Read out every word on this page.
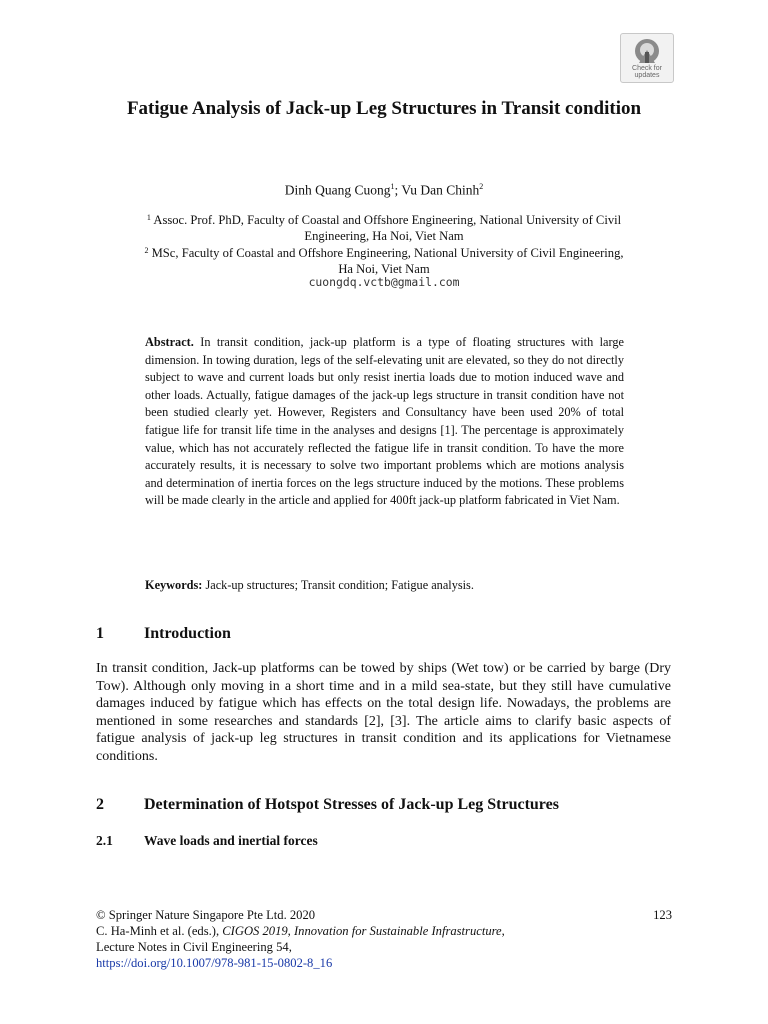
Check for
updates
Fatigue Analysis of Jack-up Leg Structures in Transit condition
Dinh Quang Cuong$^1$; Vu Dan Chinh$^2$
$^1$ Assoc. Prof. PhD, Faculty of Coastal and Offshore Engineering, National University of Civil
Engineering, Ha Noi, Viet Nam
$^2$ MSc, Faculty of Coastal and Offshore Engineering, National University of Civil Engineering,
Ha Noi, Viet Nam
cuongdq.vctb@gmail.com
Abstract. In transit condition, jack-up platform is a type of floating structures with large dimension. In towing duration, legs of the self-elevating unit are elevated, so they do not directly subject to wave and current loads but only resist inertia loads due to motion induced wave and other loads. Actually, fatigue damages of the jack-up legs structure in transit condition have not been studied clearly yet. However, Registers and Consultancy have been used 20% of total fatigue life for transit life time in the analyses and designs [1]. The percentage is approximately value, which has not accurately reflected the fatigue life in transit condition. To have the more accurately results, it is necessary to solve two important problems which are motions analysis and determination of inertia forces on the legs structure induced by the motions. These problems will be made clearly in the article and applied for 400ft jack-up platform fabricated in Viet Nam.
Keywords: Jack-up structures; Transit condition; Fatigue analysis.
1	Introduction
In transit condition, Jack-up platforms can be towed by ships (Wet tow) or be carried by barge (Dry Tow). Although only moving in a short time and in a mild sea-state, but they still have cumulative damages induced by fatigue which has effects on the total design life. Nowadays, the problems are mentioned in some researches and standards [2], [3]. The article aims to clarify basic aspects of fatigue analysis of jack-up leg structures in transit condition and its applications for Vietnamese conditions.
2	Determination of Hotspot Stresses of Jack-up Leg Structures
2.1 Wave loads and inertial forces
© Springer Nature Singapore Pte Ltd. 2020
C. Ha-Minh et al. (eds.), CIGOS 2019, Innovation for Sustainable Infrastructure,
Lecture Notes in Civil Engineering 54,
https://doi.org/10.1007/978-981-15-0802-8_16
123
